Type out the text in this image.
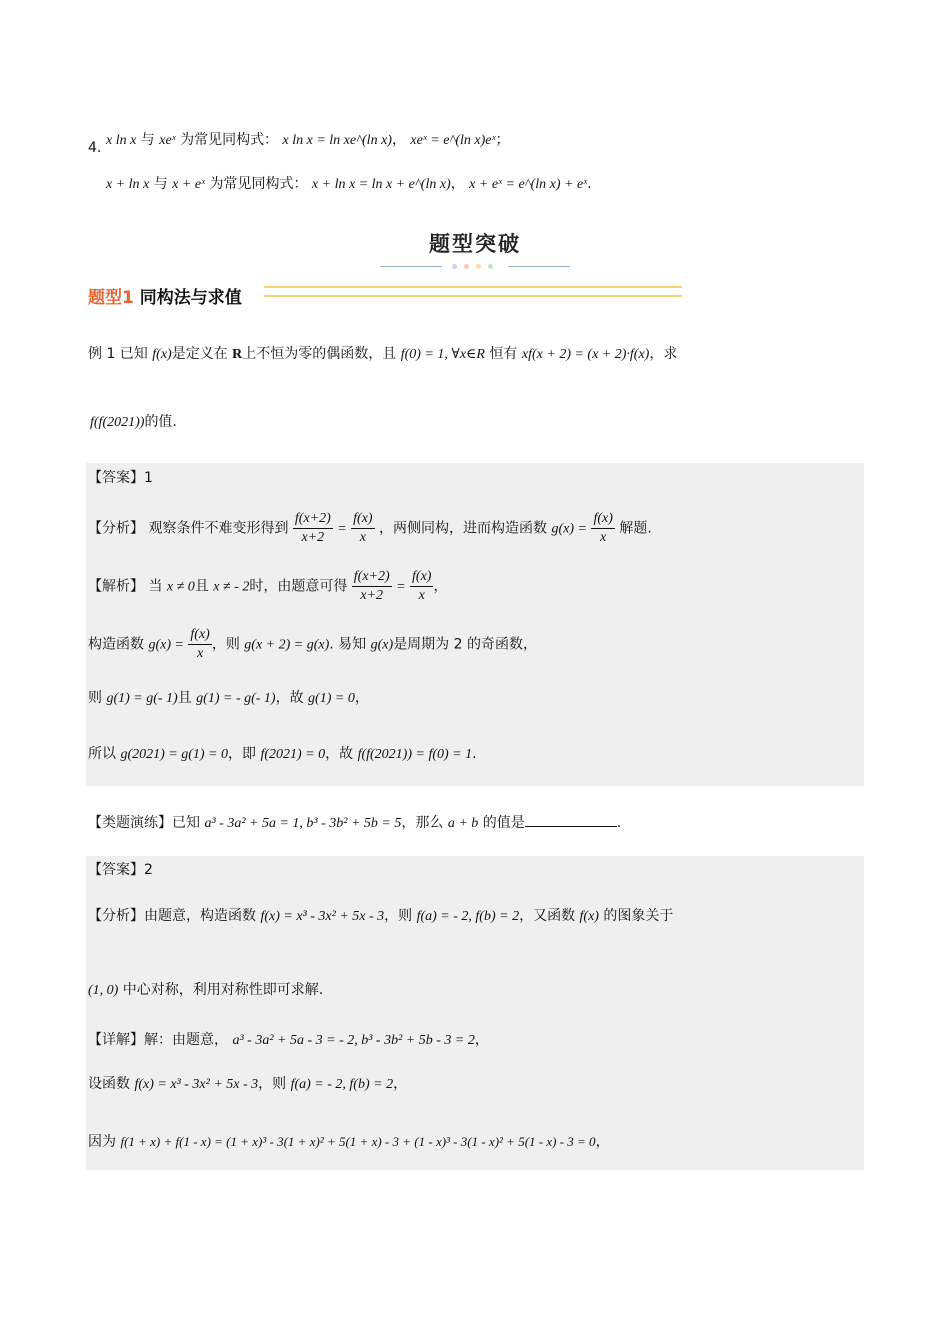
4. x ln x 与 xeˣ 为常见同构式： x ln x = ln xe^(ln x)， xeˣ = e^(ln x)eˣ；
x + ln x 与 x + eˣ 为常见同构式： x + ln x = ln x + e^(ln x)， x + eˣ = e^(ln x) + eˣ.
题型突破
题型1 同构法与求值
例 1 已知 f(x)是定义在 R上不恒为零的偶函数，且 f(0) = 1, ∀x∈R 恒有 xf(x + 2) = (x + 2)·f(x)，求
f(f(2021))的值.
【答案】1
【分析】 观察条件不难变形得到 $\frac{f(x+2)}{x+2} = \frac{f(x)}{x}$ ，两侧同构，进而构造函数 $g(x) = \frac{f(x)}{x}$ 解题.
【解析】 当 x ≠ 0且 x ≠ - 2时，由题意可得 $\frac{f(x+2)}{x+2} = \frac{f(x)}{x}$ ，
构造函数 $g(x) = \frac{f(x)}{x}$ ，则 g(x + 2) = g(x). 易知 g(x)是周期为 2 的奇函数，
则 g(1) = g(- 1)且 g(1) = - g(- 1)，故 g(1) = 0，
所以 g(2021) = g(1) = 0，即 f(2021) = 0，故 f(f(2021)) = f(0) = 1.
【类题演练】已知 a³ - 3a² + 5a = 1, b³ - 3b² + 5b = 5，那么 a + b 的值是	.
【答案】2
【分析】由题意，构造函数 f(x) = x³ - 3x² + 5x - 3，则 f(a) = - 2, f(b) = 2，又函数 f(x) 的图象关于
(1, 0) 中心对称，利用对称性即可求解.
【详解】解：由题意， a³ - 3a² + 5a - 3 = - 2, b³ - 3b² + 5b - 3 = 2，
设函数 f(x) = x³ - 3x² + 5x - 3，则 f(a) = - 2, f(b) = 2，
因为 f(1 + x) + f(1 - x) = (1 + x)³ - 3(1 + x)² + 5(1 + x) - 3 + (1 - x)³ - 3(1 - x)² + 5(1 - x) - 3 = 0，
